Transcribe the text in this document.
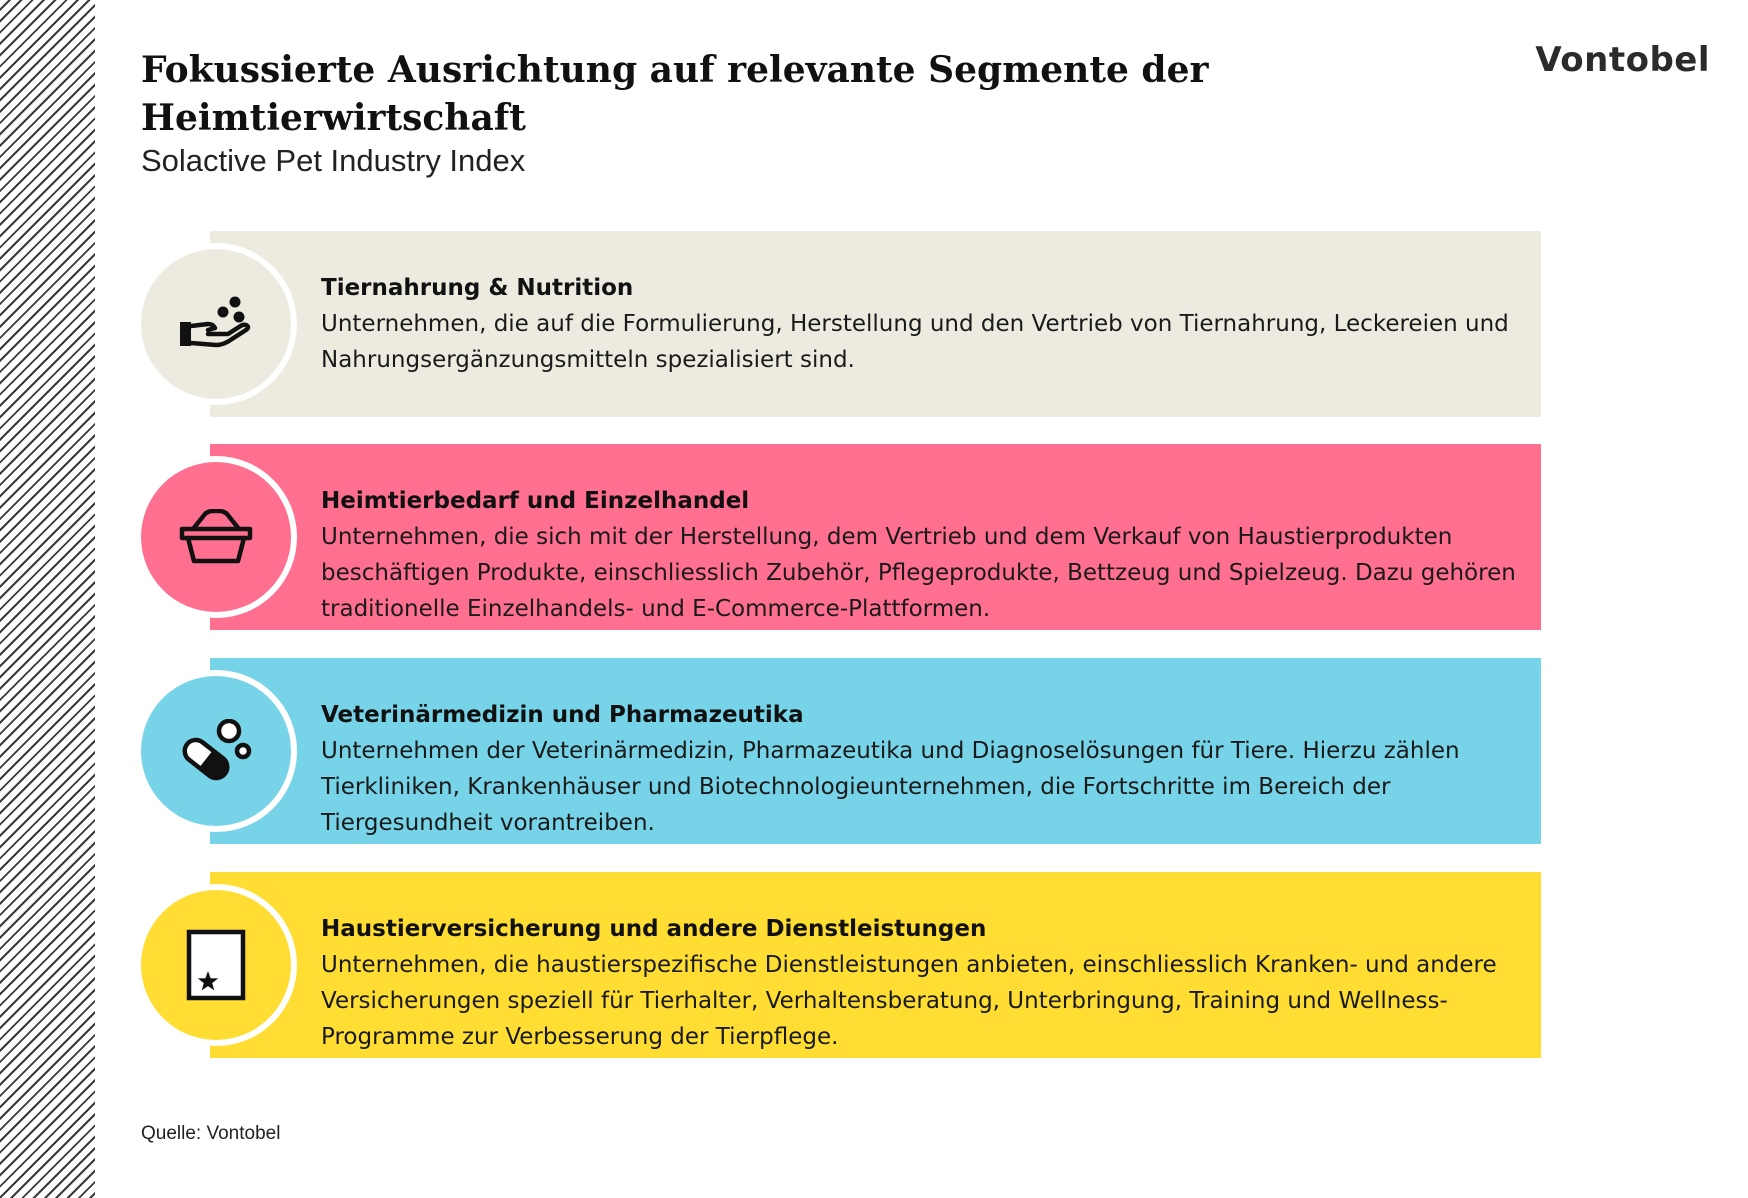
Fokussierte Ausrichtung auf relevante Segmente der Heimtierwirtschaft

Solactive Pet Industry Index

Vontobel

Tiernahrung & Nutrition

Unternehmen, die auf die Formulierung, Herstellung und den Vertrieb von Tiernahrung, Leckereien und Nahrungsergänzungsmitteln spezialisiert sind.

Heimtierbedarf und Einzelhandel

Unternehmen, die sich mit der Herstellung, dem Vertrieb und dem Verkauf von Haustierprodukten beschäftigen Produkte, einschliesslich Zubehör, Pflegeprodukte, Bettzeug und Spielzeug. Dazu gehören traditionelle Einzelhandels- und E-Commerce-Plattformen.

Veterinärmedizin und Pharmazeutika

Unternehmen der Veterinärmedizin, Pharmazeutika und Diagnoselösungen für Tiere. Hierzu zählen Tierkliniken, Krankenhäuser und Biotechnologieunternehmen, die Fortschritte im Bereich der Tiergesundheit vorantreiben.

Haustierversicherung und andere Dienstleistungen

Unternehmen, die haustierspezifische Dienstleistungen anbieten, einschliesslich Kranken- und andere Versicherungen speziell für Tierhalter, Verhaltensberatung, Unterbringung, Training und Wellness-Programme zur Verbesserung der Tierpflege.

Quelle: Vontobel
